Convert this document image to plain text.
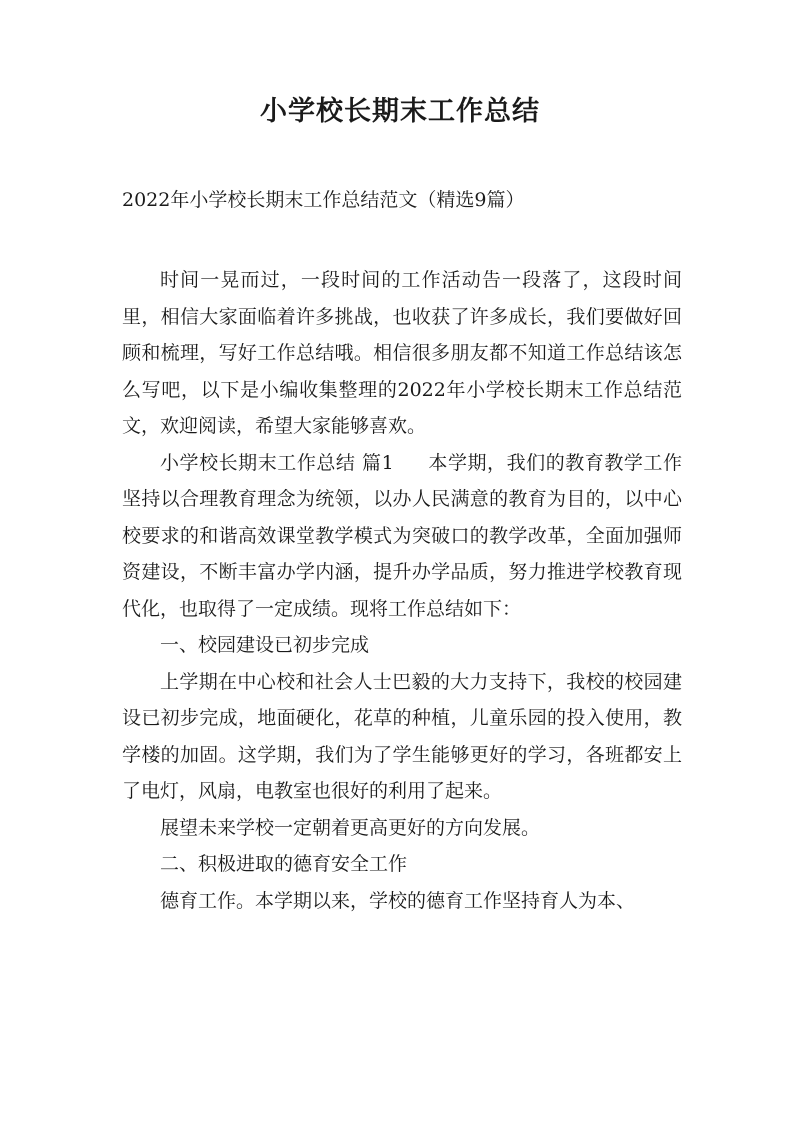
小学校长期末工作总结
2022年小学校长期末工作总结范文（精选9篇）

时间一晃而过，一段时间的工作活动告一段落了，这段时间里，相信大家面临着许多挑战，也收获了许多成长，我们要做好回顾和梳理，写好工作总结哦。相信很多朋友都不知道工作总结该怎么写吧，以下是小编收集整理的2022年小学校长期末工作总结范文，欢迎阅读，希望大家能够喜欢。

小学校长期末工作总结 篇1 本学期，我们的教育教学工作坚持以合理教育理念为统领，以办人民满意的教育为目的，以中心校要求的和谐高效课堂教学模式为突破口的教学改革，全面加强师资建设，不断丰富办学内涵，提升办学品质，努力推进学校教育现代化，也取得了一定成绩。现将工作总结如下：

一、校园建设已初步完成

上学期在中心校和社会人士巴毅的大力支持下，我校的校园建设已初步完成，地面硬化，花草的种植，儿童乐园的投入使用，教学楼的加固。这学期，我们为了学生能够更好的学习，各班都安上了电灯，风扇，电教室也很好的利用了起来。

展望未来学校一定朝着更高更好的方向发展。

二、积极进取的德育安全工作

德育工作。本学期以来，学校的德育工作坚持育人为本、
